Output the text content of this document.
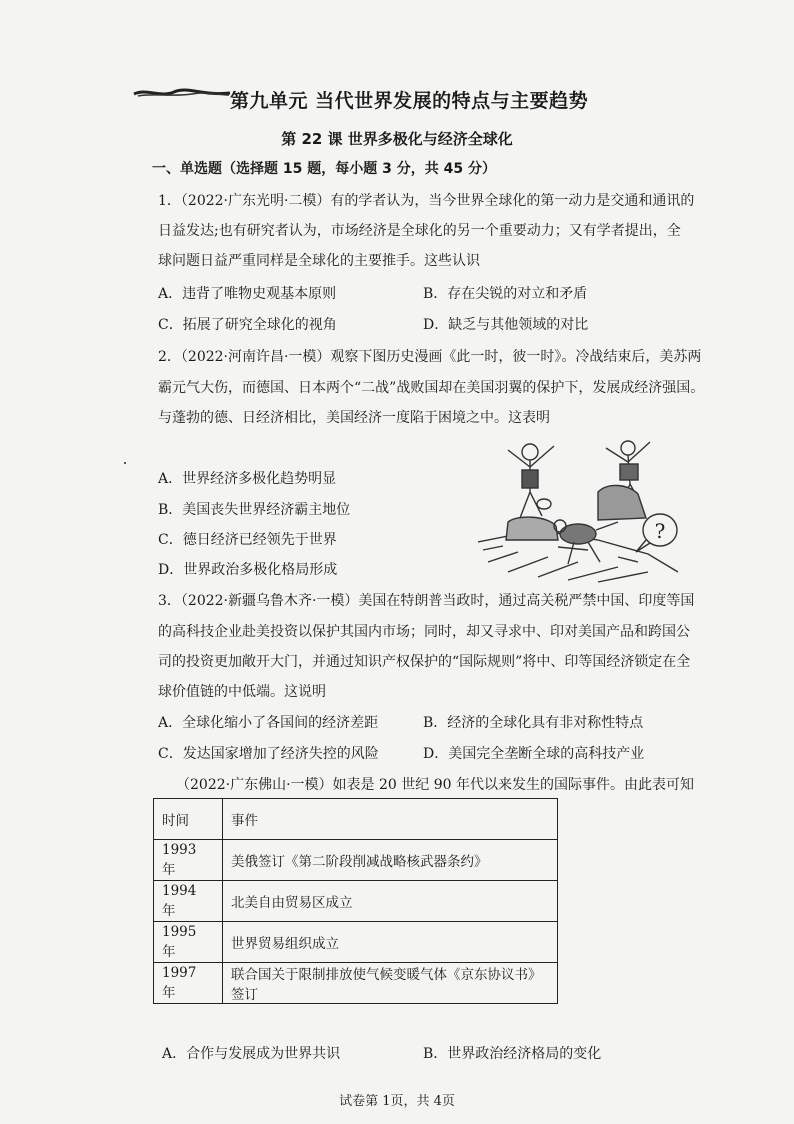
第九单元 当代世界发展的特点与主要趋势
第 22 课 世界多极化与经济全球化
一、单选题（选择题 15 题，每小题 3 分，共 45 分）
1．（2022·广东光明·二模）有的学者认为，当今世界全球化的第一动力是交通和通讯的
日益发达;也有研究者认为，市场经济是全球化的另一个重要动力；又有学者提出，全
球问题日益严重同样是全球化的主要推手。这些认识
A．违背了唯物史观基本原则	B．存在尖锐的对立和矛盾
C．拓展了研究全球化的视角	D．缺乏与其他领域的对比
2．（2022·河南许昌·一模）观察下图历史漫画《此一时，彼一时》。冷战结束后，美苏两
霸元气大伤，而德国、日本两个“二战”战败国却在美国羽翼的保护下，发展成经济强国。
与蓬勃的德、日经济相比，美国经济一度陷于困境之中。这表明
A．世界经济多极化趋势明显
B．美国丧失世界经济霸主地位
C．德日经济已经领先于世界
D．世界政治多极化格局形成
?
3．（2022·新疆乌鲁木齐·一模）美国在特朗普当政时，通过高关税严禁中国、印度等国
的高科技企业赴美投资以保护其国内市场；同时，却又寻求中、印对美国产品和跨国公
司的投资更加敞开大门，并通过知识产权保护的“国际规则”将中、印等国经济锁定在全
球价值链的中低端。这说明
A．全球化缩小了各国间的经济差距	B．经济的全球化具有非对称性特点
C．发达国家增加了经济失控的风险	D．美国完全垄断全球的高科技产业
（2022·广东佛山·一模）如表是 20 世纪 90 年代以来发生的国际事件。由此表可知
时间	事件
1993 年	美俄签订《第二阶段削减战略核武器条约》
1994 年	北美自由贸易区成立
1995 年	世界贸易组织成立
1997 年	联合国关于限制排放使气候变暖气体《京东协议书》签订
A．合作与发展成为世界共识	B．世界政治经济格局的变化
试卷第 1页，共 4页
